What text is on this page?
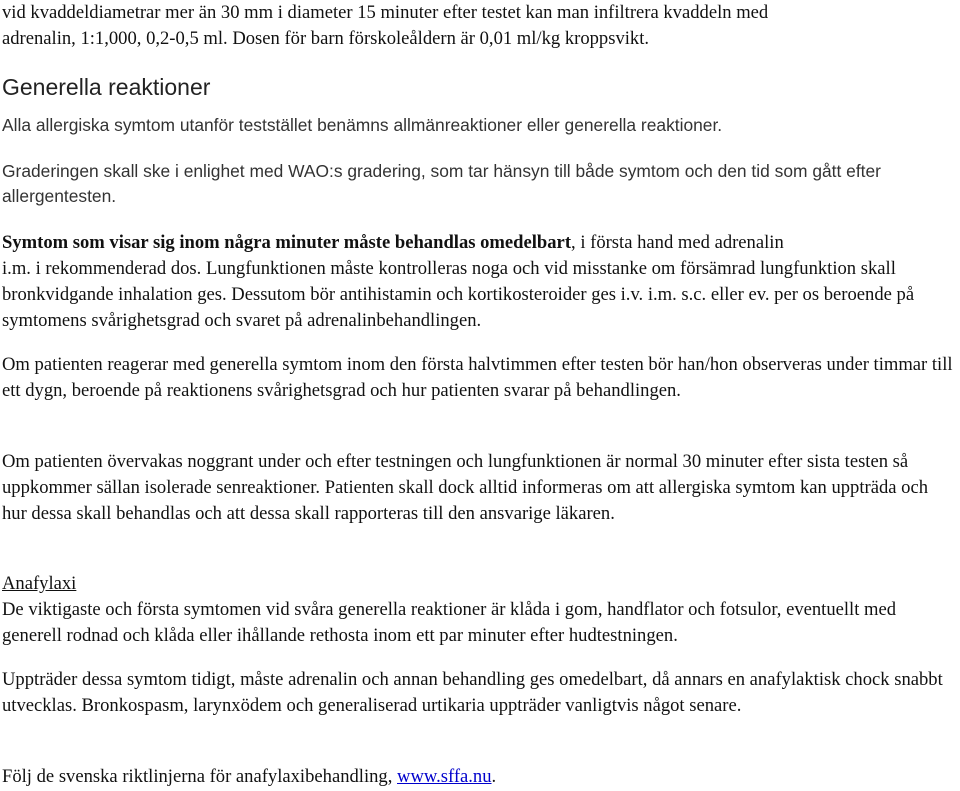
vid kvaddeldiametrar mer än 30 mm i diameter 15 minuter efter testet kan man infiltrera kvaddeln med
adrenalin, 1:1,000, 0,2-0,5 ml. Dosen för barn förskoleåldern är 0,01 ml/kg kroppsvikt.

Generella reaktioner

Alla allergiska symtom utanför teststället benämns allmänreaktioner eller generella reaktioner.

Graderingen skall ske i enlighet med WAO:s gradering, som tar hänsyn till både symtom och den tid som gått efter allergentesten.

Symtom som visar sig inom några minuter måste behandlas omedelbart, i första hand med adrenalin
i.m. i rekommenderad dos. Lungfunktionen måste kontrolleras noga och vid misstanke om försämrad lungfunktion skall bronkvidgande inhalation ges. Dessutom bör antihistamin och kortikosteroider ges i.v. i.m. s.c. eller ev. per os beroende på symtomens svårighetsgrad och svaret på adrenalinbehandlingen.

Om patienten reagerar med generella symtom inom den första halvtimmen efter testen bör han/hon observeras under timmar till ett dygn, beroende på reaktionens svårighetsgrad och hur patienten svarar på behandlingen.

Om patienten övervakas noggrant under och efter testningen och lungfunktionen är normal 30 minuter efter sista testen så uppkommer sällan isolerade senreaktioner. Patienten skall dock alltid informeras om att allergiska symtom kan uppträda och hur dessa skall behandlas och att dessa skall rapporteras till den ansvarige läkaren.

Anafylaxi
De viktigaste och första symtomen vid svåra generella reaktioner är klåda i gom, handflator och fotsulor, eventuellt med generell rodnad och klåda eller ihållande rethosta inom ett par minuter efter hudtestningen.

Uppträder dessa symtom tidigt, måste adrenalin och annan behandling ges omedelbart, då annars en anafylaktisk chock snabbt utvecklas. Bronkospasm, larynxödem och generaliserad urtikaria uppträder vanligtvis något senare.

Följ de svenska riktlinjerna för anafylaxibehandling, www.sffa.nu.
